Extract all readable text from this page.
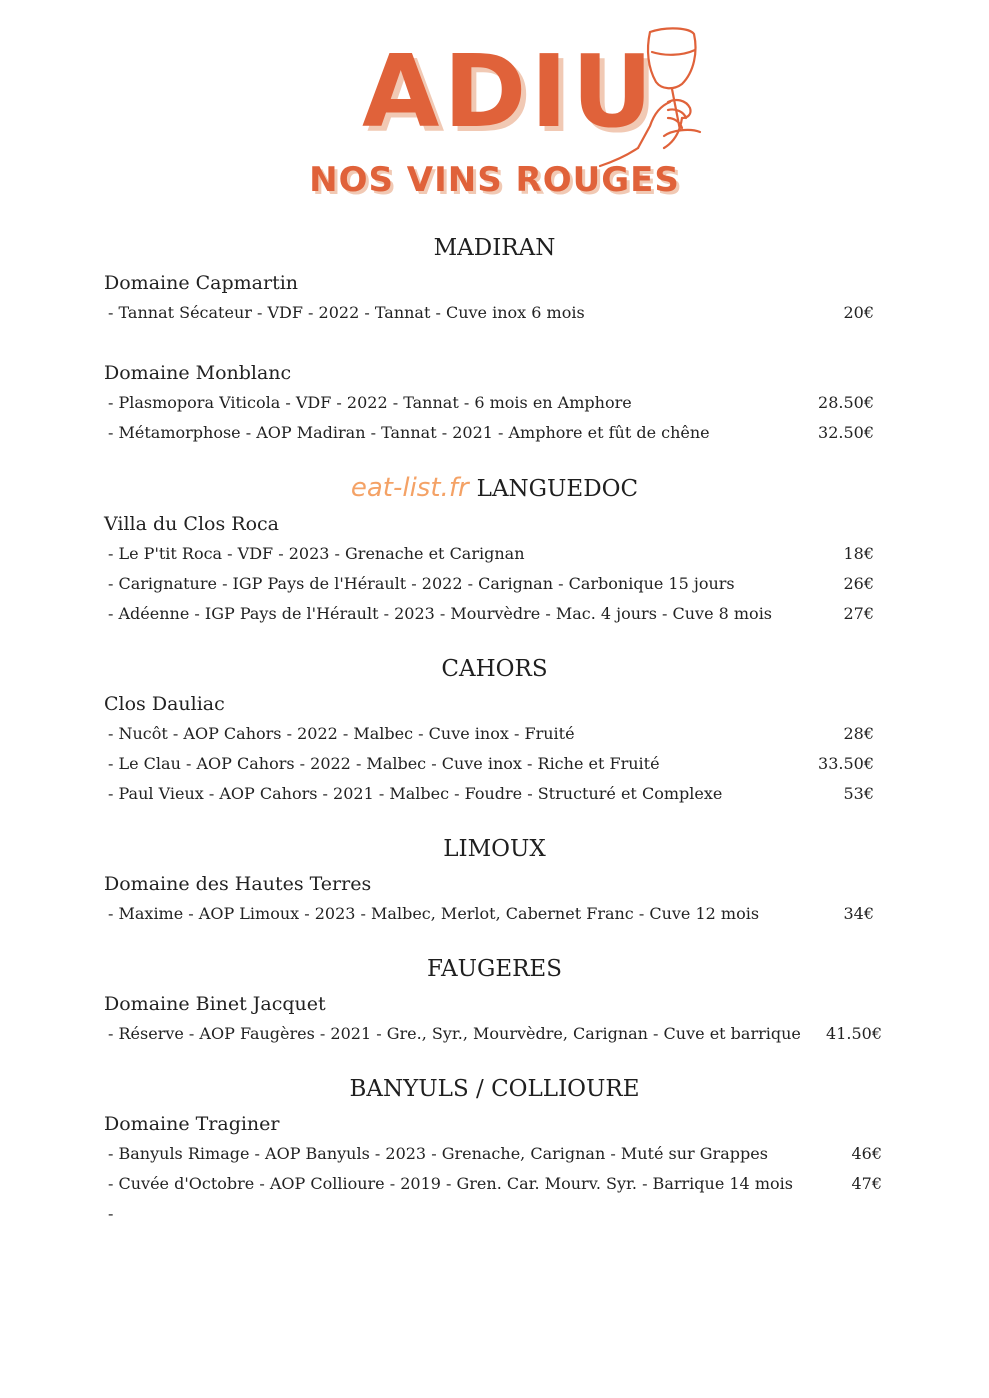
ADIU
NOS VINS ROUGES
MADIRAN
Domaine Capmartin
- Tannat Sécateur - VDF - 2022 - Tannat - Cuve inox 6 mois	20€
Domaine Monblanc
- Plasmopora Viticola - VDF - 2022 - Tannat - 6 mois en Amphore	28.50€
- Métamorphose - AOP Madiran - Tannat - 2021 - Amphore et fût de chêne	32.50€
eat-list.fr LANGUEDOC
Villa du Clos Roca
- Le P'tit Roca - VDF - 2023 - Grenache et Carignan	18€
- Carignature - IGP Pays de l'Hérault - 2022 - Carignan - Carbonique 15 jours	26€
- Adéenne - IGP Pays de l'Hérault - 2023 - Mourvèdre - Mac. 4 jours - Cuve 8 mois	27€
CAHORS
Clos Dauliac
- Nucôt - AOP Cahors - 2022 - Malbec - Cuve inox - Fruité	28€
- Le Clau - AOP Cahors - 2022 - Malbec - Cuve inox - Riche et Fruité	33.50€
- Paul Vieux - AOP Cahors - 2021 - Malbec - Foudre - Structuré et Complexe	53€
LIMOUX
Domaine des Hautes Terres
- Maxime - AOP Limoux - 2023 - Malbec, Merlot, Cabernet Franc - Cuve 12 mois	34€
FAUGERES
Domaine Binet Jacquet
- Réserve - AOP Faugères - 2021 - Gre., Syr., Mourvèdre, Carignan - Cuve et barrique 41.50€
BANYULS / COLLIOURE
Domaine Traginer
- Banyuls Rimage - AOP Banyuls - 2023 - Grenache, Carignan - Muté sur Grappes	46€
- Cuvée d'Octobre - AOP Collioure - 2019 - Gren. Car. Mourv. Syr. - Barrique 14 mois	47€
-
